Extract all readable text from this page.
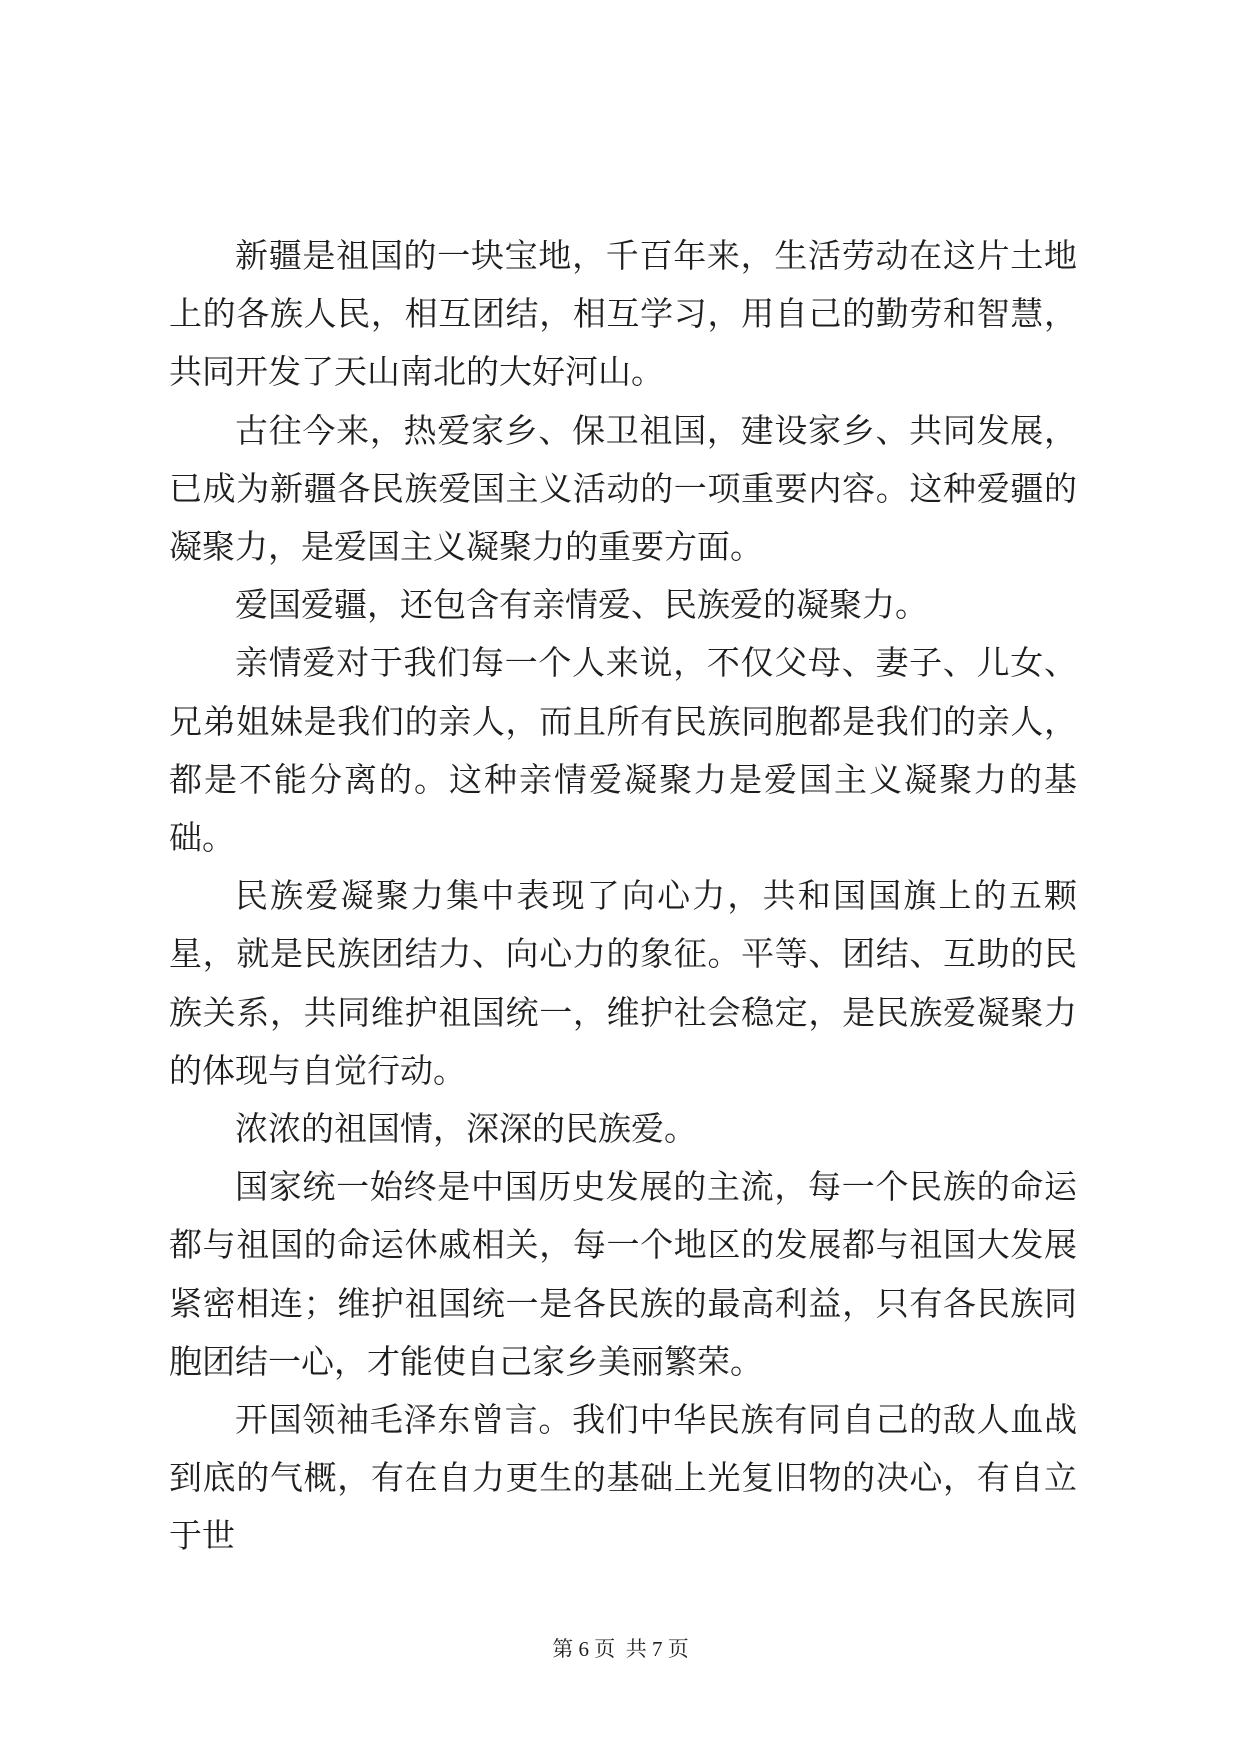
新疆是祖国的一块宝地，千百年来，生活劳动在这片土地上的各族人民，相互团结，相互学习，用自己的勤劳和智慧，共同开发了天山南北的大好河山。

古往今来，热爱家乡、保卫祖国，建设家乡、共同发展，已成为新疆各民族爱国主义活动的一项重要内容。这种爱疆的凝聚力，是爱国主义凝聚力的重要方面。

爱国爱疆，还包含有亲情爱、民族爱的凝聚力。

亲情爱对于我们每一个人来说，不仅父母、妻子、儿女、兄弟姐妹是我们的亲人，而且所有民族同胞都是我们的亲人，都是不能分离的。这种亲情爱凝聚力是爱国主义凝聚力的基础。

民族爱凝聚力集中表现了向心力，共和国国旗上的五颗星，就是民族团结力、向心力的象征。平等、团结、互助的民族关系，共同维护祖国统一，维护社会稳定，是民族爱凝聚力的体现与自觉行动。

浓浓的祖国情，深深的民族爱。

国家统一始终是中国历史发展的主流，每一个民族的命运都与祖国的命运休戚相关，每一个地区的发展都与祖国大发展紧密相连；维护祖国统一是各民族的最高利益，只有各民族同胞团结一心，才能使自己家乡美丽繁荣。

开国领袖毛泽东曾言。我们中华民族有同自己的敌人血战到底的气概，有在自力更生的基础上光复旧物的决心，有自立于世

第 6 页  共 7 页
